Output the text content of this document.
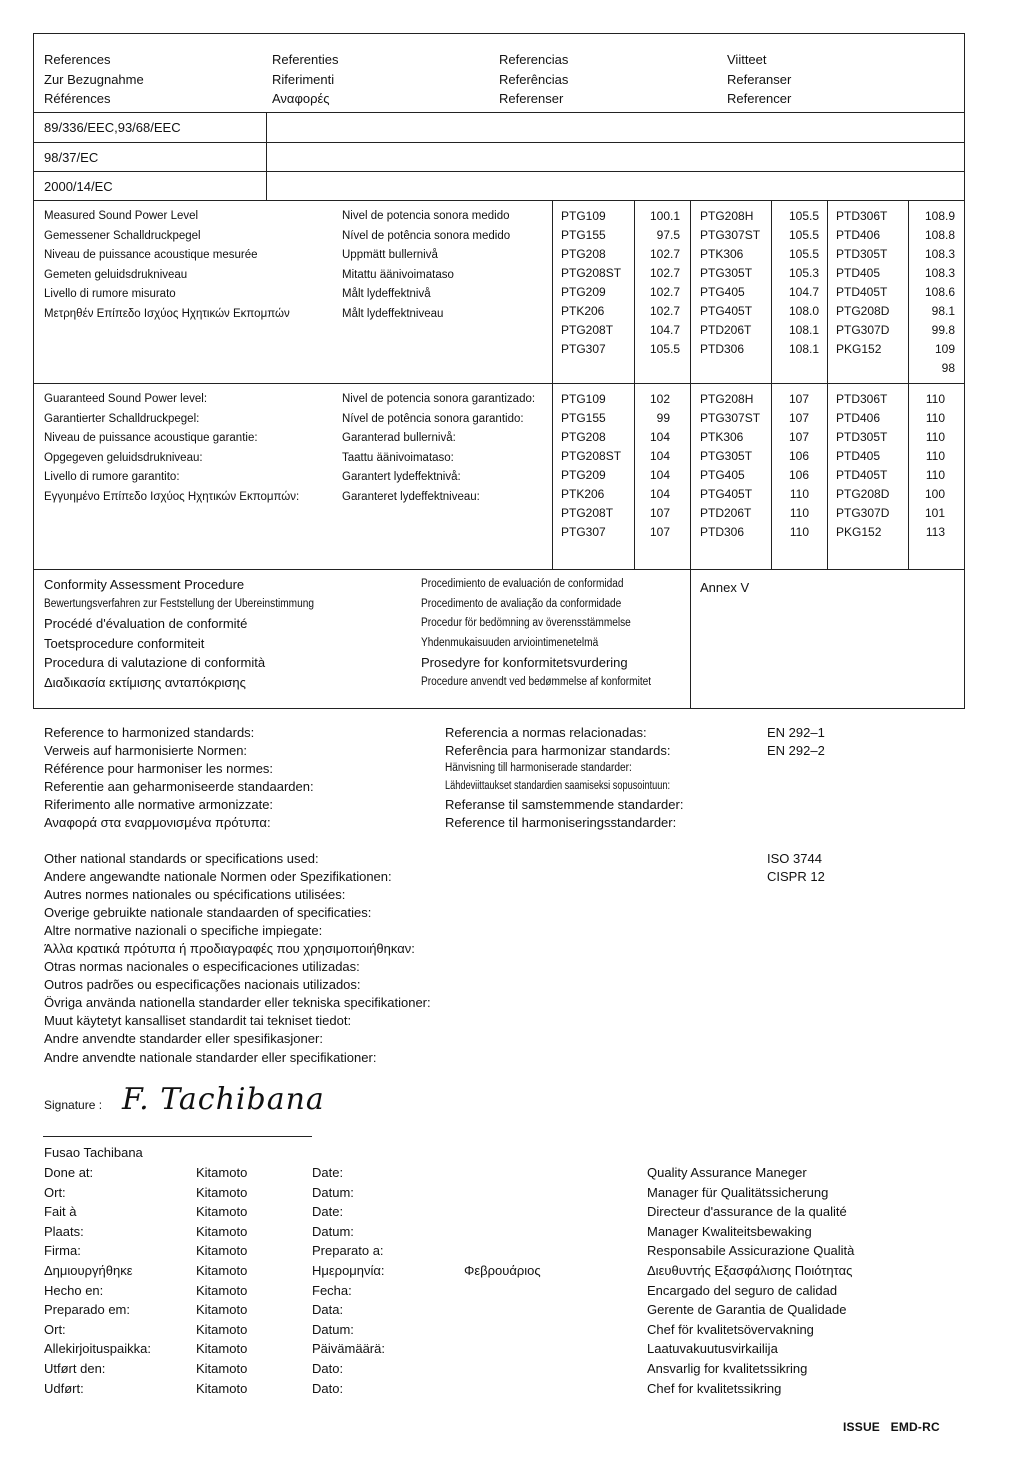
References
Zur Bezugnahme
Références
Referenties
Riferimenti
Αναφορές
Referencias
Referências
Referenser
Viitteet
Referanser
Referencer
89/336/EEC,93/68/EEC
98/37/EC
2000/14/EC
Measured Sound Power Level
Gemessener Schalldruckpegel
Niveau de puissance acoustique mesurée
Gemeten geluidsdrukniveau
Livello di rumore misurato
Μετρηθέν Επίπεδο Ισχύος Ηχητικών Εκπομπών
Nivel de potencia sonora medido
Nível de potência sonora medido
Uppmätt bullernivå
Mitattu äänivoimataso
Målt lydeffektnivå
Målt lydeffektniveau
PTG109
PTG155
PTG208
PTG208ST
PTG209
PTK206
PTG208T
PTG307
100.1
97.5
102.7
102.7
102.7
102.7
104.7
105.5
PTG208H
PTG307ST
PTK306
PTG305T
PTG405
PTG405T
PTD206T
PTD306
105.5
105.5
105.5
105.3
104.7
108.0
108.1
108.1
PTD306T
PTD406
PTD305T
PTD405
PTD405T
PTG208D
PTG307D
PKG152
108.9
108.8
108.3
108.3
108.6
98.1
99.8
109
98
Guaranteed Sound Power level:
Garantierter Schalldruckpegel:
Niveau de puissance acoustique garantie:
Opgegeven geluidsdrukniveau:
Livello di rumore garantito:
Εγγυημένο Επίπεδο Ισχύος Ηχητικών Εκπομπών:
Nivel de potencia sonora garantizado:
Nível de potência sonora garantido:
Garanterad bullernivå:
Taattu äänivoimataso:
Garantert lydeffektnivå:
Garanteret lydeffektniveau:
PTG109
PTG155
PTG208
PTG208ST
PTG209
PTK206
PTG208T
PTG307
102
99
104
104
104
104
107
107
PTG208H
PTG307ST
PTK306
PTG305T
PTG405
PTG405T
PTD206T
PTD306
107
107
107
106
106
110
110
110
PTD306T
PTD406
PTD305T
PTD405
PTD405T
PTG208D
PTG307D
PKG152
110
110
110
110
110
100
101
113
Conformity Assessment Procedure
Bewertungsverfahren zur Feststellung der Übereinstimmung
Procédé d'évaluation de conformité
Toetsprocedure conformiteit
Procedura di valutazione di conformità
Διαδικασία εκτίμισης ανταπόκρισης
Procedimiento de evaluación de conformidad
Procedimento de avaliação da conformidade
Procedur för bedömning av överensstämmelse
Yhdenmukaisuuden arviointimenetelmä
Prosedyre for konformitetsvurdering
Procedure anvendt ved bedømmelse af konformitet
Annex V
Reference to harmonized standards:
Verweis auf harmonisierte Normen:
Référence pour harmoniser les normes:
Referentie aan geharmoniseerde standaarden:
Riferimento alle normative armonizzate:
Αναφορά στα εναρμονισμένα πρότυπα:
Referencia a normas relacionadas:
Referência para harmonizar standards:
Hänvisning till harmoniserade standarder:
Lähdeviittaukset standardien saamiseksi sopusointuun:
Referanse til samstemmende standarder:
Reference til harmoniseringsstandarder:
EN 292–1
EN 292–2
Other national standards or specifications used:
Andere angewandte nationale Normen oder Spezifikationen:
Autres normes nationales ou spécifications utilisées:
Overige gebruikte nationale standaarden of specificaties:
Altre normative nazionali o specifiche impiegate:
Άλλα κρατικά πρότυπα ή προδιαγραφές που χρησιμοποιήθηκαν:
Otras normas nacionales o especificaciones utilizadas:
Outros padrões ou especificações nacionais utilizados:
Övriga använda nationella standarder eller tekniska specifikationer:
Muut käytetyt kansalliset standardit tai tekniset tiedot:
Andre anvendte standarder eller spesifikasjoner:
Andre anvendte nationale standarder eller specifikationer:
ISO 3744
CISPR 12
Signature : F. Tachibana
Fusao Tachibana
Done at:
Ort:
Fait à
Plaats:
Firma:
Δημιουργήθηκε
Hecho en:
Preparado em:
Ort:
Allekirjoituspaikka:
Utført den:
Udført:
Kitamoto
Kitamoto
Kitamoto
Kitamoto
Kitamoto
Kitamoto
Kitamoto
Kitamoto
Kitamoto
Kitamoto
Kitamoto
Kitamoto
Date:
Datum:
Date:
Datum:
Preparato a:
Ημερομηνία:
Fecha:
Data:
Datum:
Päivämäärä:
Dato:
Dato:
Φεβρουάριος
Quality Assurance Maneger
Manager für Qualitätssicherung
Directeur d'assurance de la qualité
Manager Kwaliteitsbewaking
Responsabile Assicurazione Qualità
Διευθυντής Εξασφάλισης Ποιότητας
Encargado del seguro de calidad
Gerente de Garantia de Qualidade
Chef för kvalitetsövervakning
Laatuvakuutusvirkailija
Ansvarlig for kvalitetssikring
Chef for kvalitetssikring
ISSUE   EMD-RC
